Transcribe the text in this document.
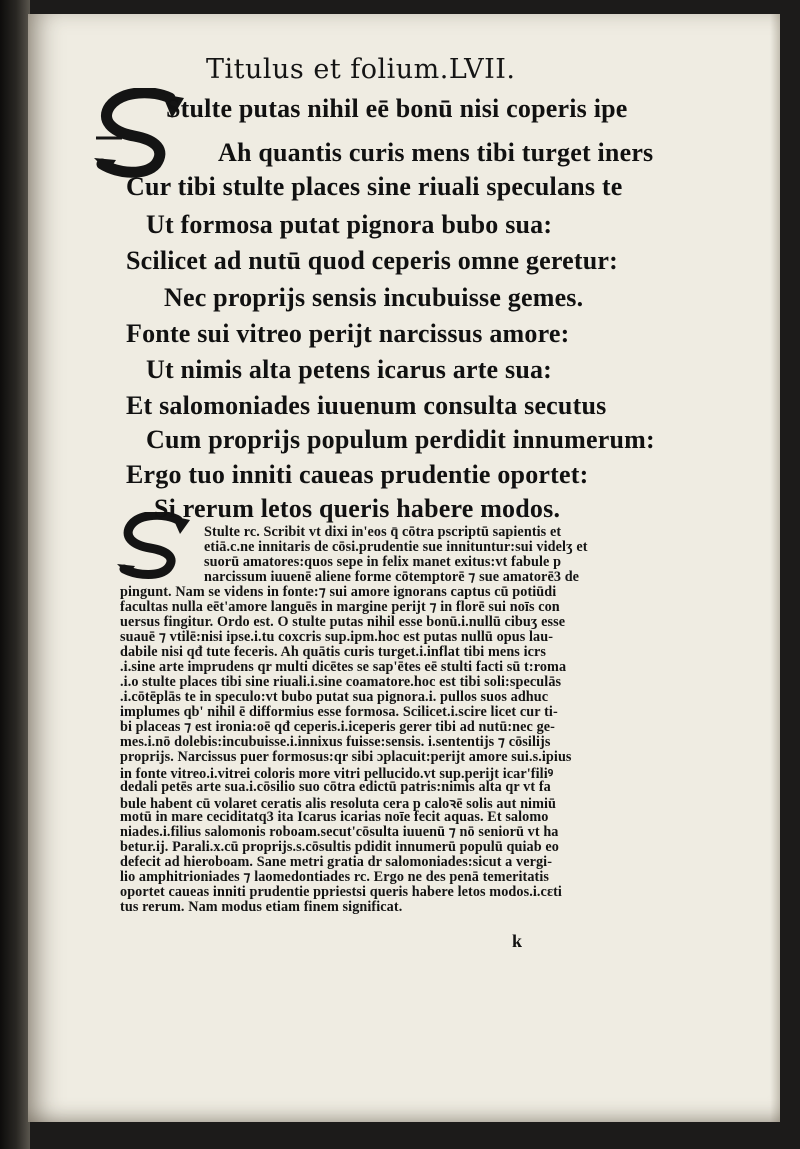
Titulus et folium.LVII.
Stulte putas nihil eē bonū nisi coperis ipe
Ah quantis curis mens tibi turget iners
Cur tibi stulte places sine riuali speculans te
Ut formosa putat pignora bubo sua:
Scilicet ad nutū quod ceperis omne geretur:
Nec proprijs sensis incubuisse gemes.
Fonte sui vitreo perijt narcissus amore:
Ut nimis alta petens icarus arte sua:
Et salomoniades iuuenum consulta secutus
Cum proprijs populum perdidit innumerum:
Ergo tuo inniti caueas prudentie oportet:
Si rerum letos queris habere modos.
Stulte rc. Scribit vt dixi in'eos q̄ cōtra pscriptū sapientis et
etiā.c.ne innitaris de cōsi.prudentie sue innituntur:sui videlʒ et
suorū amatores:quos sepe in felix manet exitus:vt fabule p
narcissum iuuenē aliene forme cōtemptorē ⁊ sue amatorē3 de
pingunt. Nam se videns in fonte:⁊ sui amore ignorans captus cū potiūdi
facultas nulla eēt'amore languēs in margine perijt ⁊ in florē sui noīs con
uersus fingitur. Ordo est. O stulte putas nihil esse bonū.i.nullū cibuʒ esse
suauē ⁊ vtilē:nisi ipse.i.tu coxcris sup.ipm.hoc est putas nullū opus lau-
dabile nisi qđ tute feceris. Ah quātis curis turget.i.inflat tibi mens icrs
.i.sine arte imprudens qr multi dicētes se sap'ētes eē stulti facti sū t:roma
.i.o stulte places tibi sine riuali.i.sine coamatore.hoc est tibi soli:speculās
.i.cōtēplās te in speculo:vt bubo putat sua pignora.i. pullos suos adhuc
implumes qb' nihil ē difformius esse formosa. Scilicet.i.scire licet cur ti-
bi placeas ⁊ est ironia:oē qđ ceperis.i.iceperis gerer tibi ad nutū:nec ge-
mes.i.nō dolebis:incubuisse.i.innixus fuisse:sensis. i.sententijs ⁊ cōsilijs
proprijs. Narcissus puer formosus:qr sibi ɔplacuit:perijt amore sui.s.ipius
in fonte vitreo.i.vitrei coloris more vitri pellucido.vt sup.perijt icar'filiꝰ
dedali petēs arte sua.i.cōsilio suo cōtra edictū patris:nimis alta qr vt fa
bule habent cū volaret ceratis alis resoluta cera p caloꝛē solis aut nimiū
motū in mare ceciditatq3 ita Icarus icarias noīe fecit aquas. Et salomo
niades.i.filius salomonis roboam.secut'cōsulta iuuenū ⁊ nō seniorū vt ha
betur.ij. Parali.x.cū proprijs.s.cōsultis pdidit innumerū populū quiab eo
defecit ad hieroboam. Sane metri gratia dr salomoniades:sicut a vergi-
lio amphitrioniades ⁊ laomedontiades rc. Ergo ne des penā temeritatis
oportet caueas inniti prudentie ppriestsi queris habere letos modos.i.cɛti
tus rerum. Nam modus etiam finem significat.
k
